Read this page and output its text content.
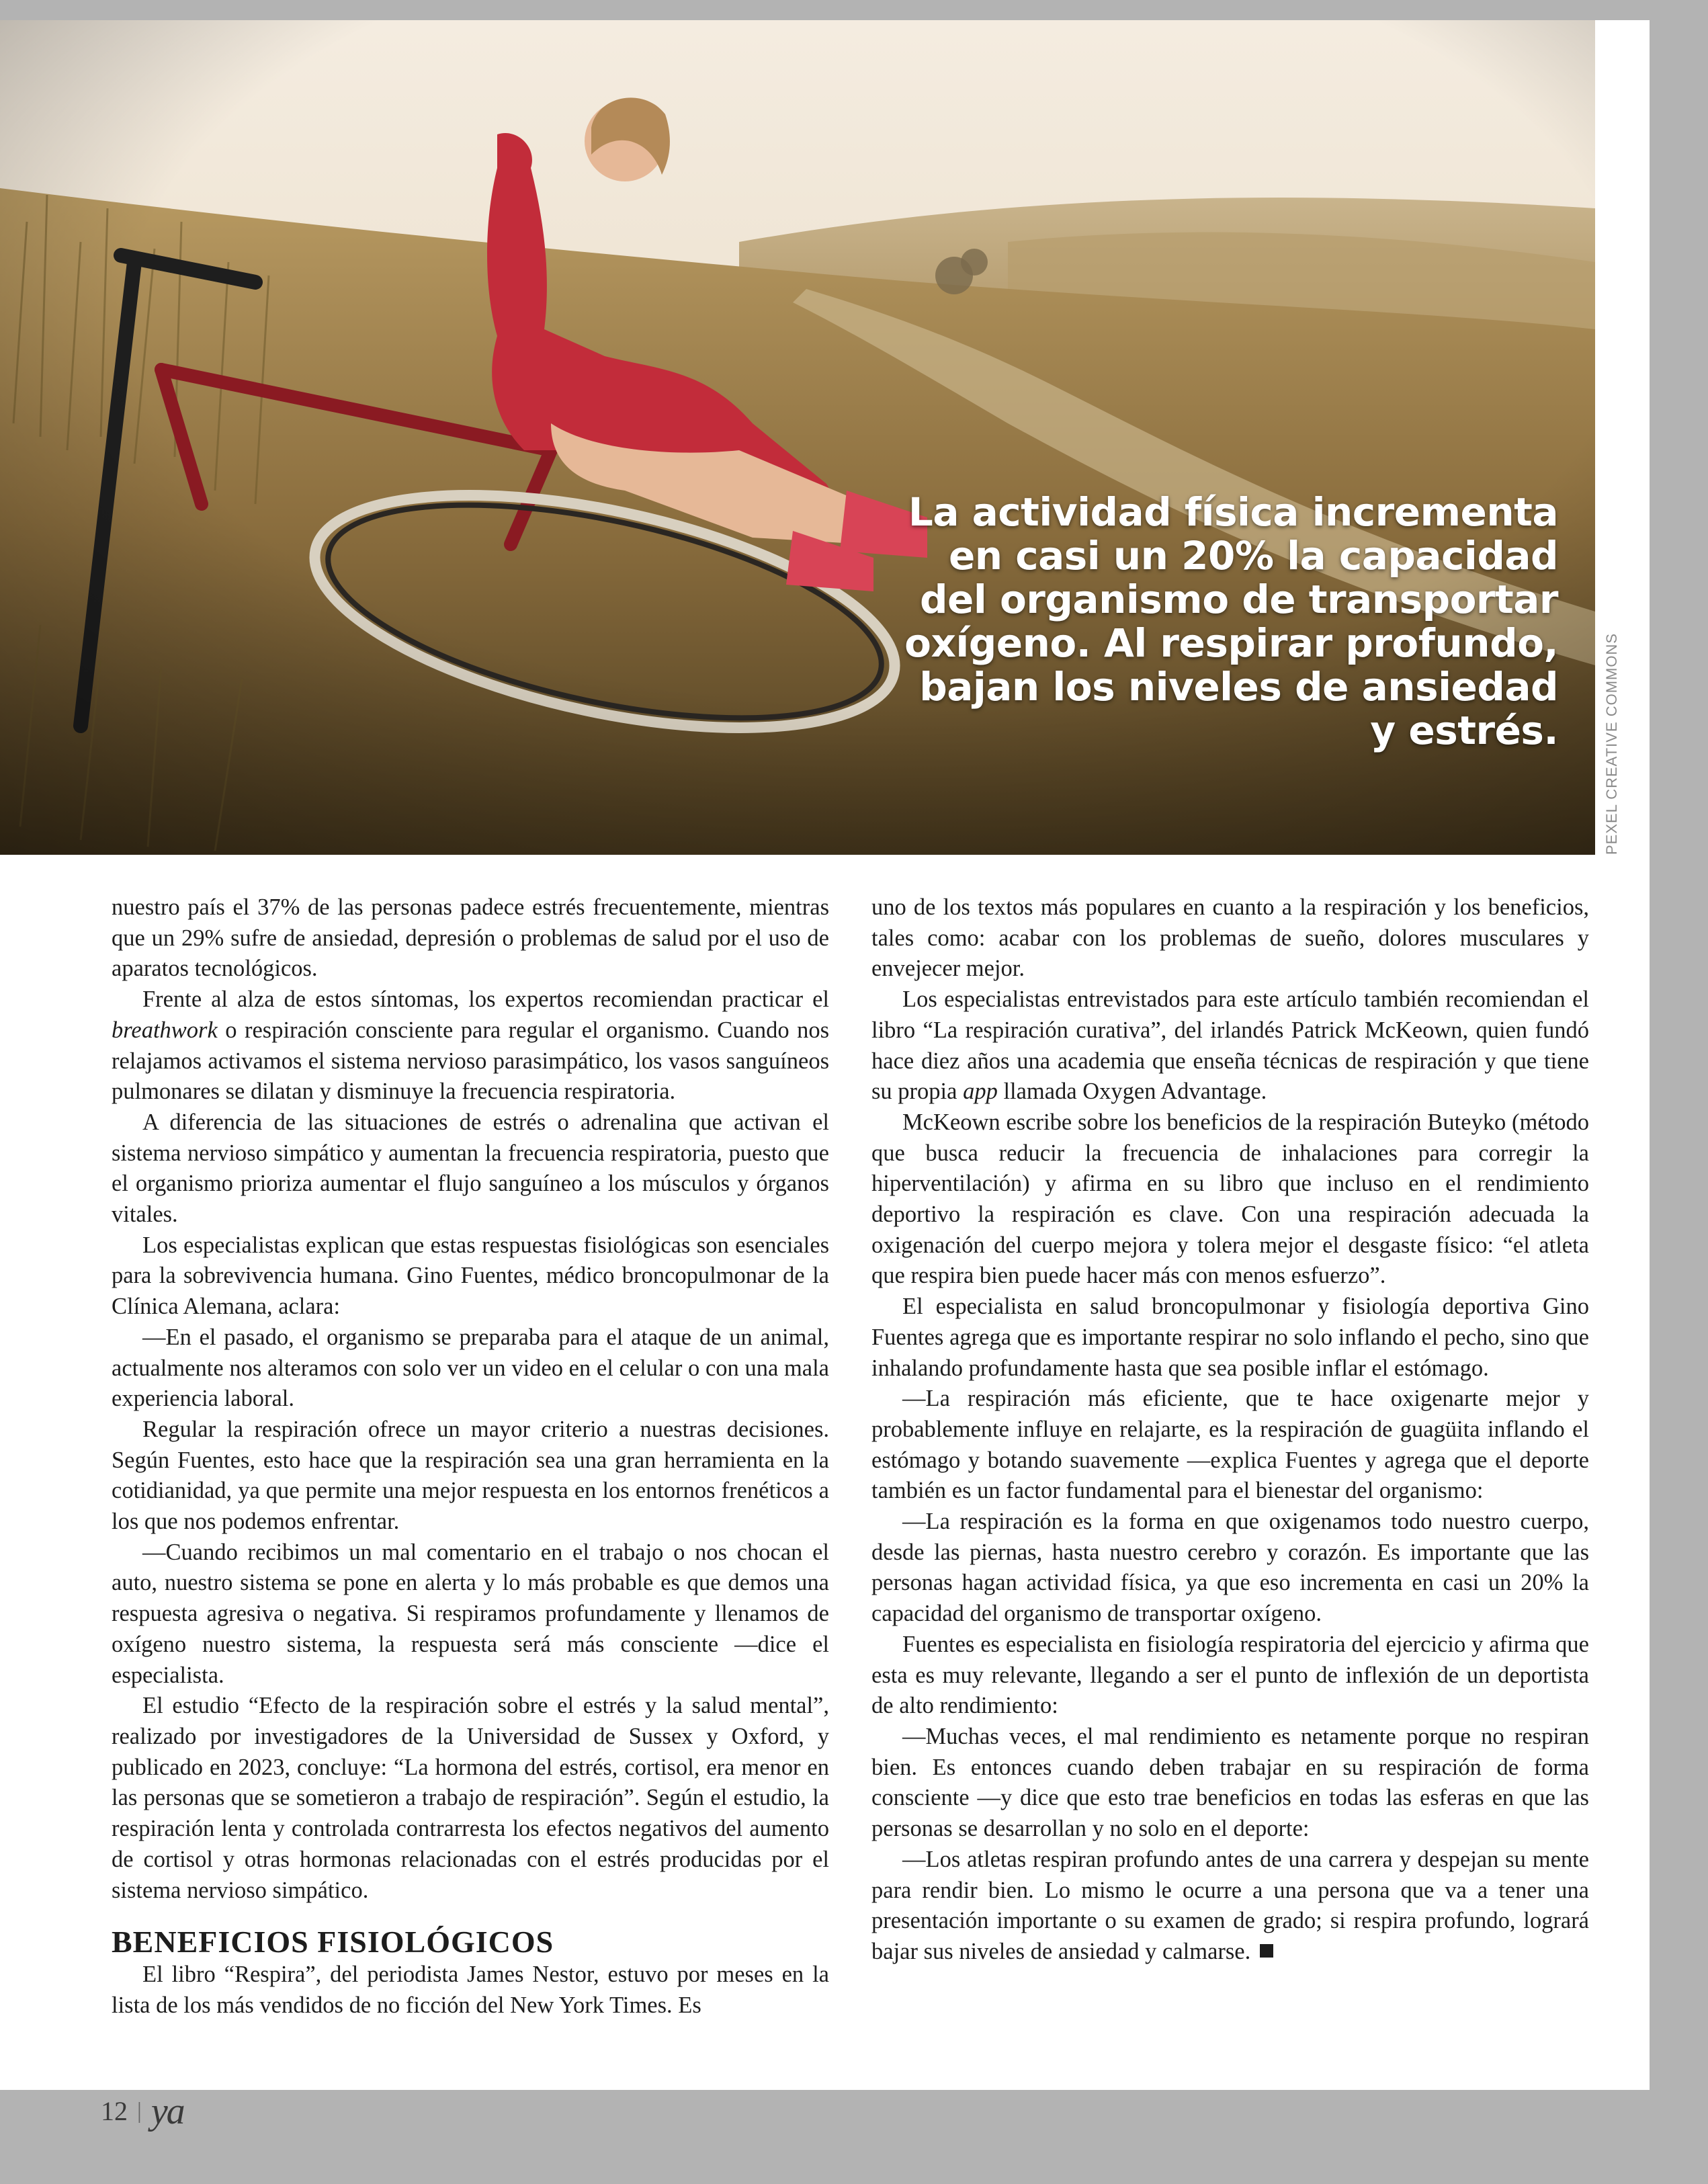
La actividad física incrementa en casi un 20% la capacidad del organismo de transportar oxígeno. Al respirar profundo, bajan los niveles de ansiedad y estrés.	PEXEL CREATIVE COMMONS

nuestro país el 37% de las personas padece estrés frecuentemente, mientras que un 29% sufre de ansiedad, depresión o problemas de salud por el uso de aparatos tecnológicos.

Frente al alza de estos síntomas, los expertos recomiendan practicar el breathwork o respiración consciente para regular el organismo. Cuando nos relajamos activamos el sistema nervioso parasimpático, los vasos sanguíneos pulmonares se dilatan y disminuye la frecuencia respiratoria.

A diferencia de las situaciones de estrés o adrenalina que activan el sistema nervioso simpático y aumentan la frecuencia respiratoria, puesto que el organismo prioriza aumentar el flujo sanguíneo a los músculos y órganos vitales.

Los especialistas explican que estas respuestas fisiológicas son esenciales para la sobrevivencia humana. Gino Fuentes, médico broncopulmonar de la Clínica Alemana, aclara:

—En el pasado, el organismo se preparaba para el ataque de un animal, actualmente nos alteramos con solo ver un video en el celular o con una mala experiencia laboral.

Regular la respiración ofrece un mayor criterio a nuestras decisiones. Según Fuentes, esto hace que la respiración sea una gran herramienta en la cotidianidad, ya que permite una mejor respuesta en los entornos frenéticos a los que nos podemos enfrentar.

—Cuando recibimos un mal comentario en el trabajo o nos chocan el auto, nuestro sistema se pone en alerta y lo más probable es que demos una respuesta agresiva o negativa. Si respiramos profundamente y llenamos de oxígeno nuestro sistema, la respuesta será más consciente —dice el especialista.

El estudio “Efecto de la respiración sobre el estrés y la salud mental”, realizado por investigadores de la Universidad de Sussex y Oxford, y publicado en 2023, concluye: “La hormona del estrés, cortisol, era menor en las personas que se sometieron a trabajo de respiración”. Según el estudio, la respiración lenta y controlada contrarresta los efectos negativos del aumento de cortisol y otras hormonas relacionadas con el estrés producidas por el sistema nervioso simpático.

BENEFICIOS FISIOLÓGICOS

El libro “Respira”, del periodista James Nestor, estuvo por meses en la lista de los más vendidos de no ficción del New York Times. Es

uno de los textos más populares en cuanto a la respiración y los beneficios, tales como: acabar con los problemas de sueño, dolores musculares y envejecer mejor.

Los especialistas entrevistados para este artículo también recomiendan el libro “La respiración curativa”, del irlandés Patrick McKeown, quien fundó hace diez años una academia que enseña técnicas de respiración y que tiene su propia app llamada Oxygen Advantage.

McKeown escribe sobre los beneficios de la respiración Buteyko (método que busca reducir la frecuencia de inhalaciones para corregir la hiperventilación) y afirma en su libro que incluso en el rendimiento deportivo la respiración es clave. Con una respiración adecuada la oxigenación del cuerpo mejora y tolera mejor el desgaste físico: “el atleta que respira bien puede hacer más con menos esfuerzo”.

El especialista en salud broncopulmonar y fisiología deportiva Gino Fuentes agrega que es importante respirar no solo inflando el pecho, sino que inhalando profundamente hasta que sea posible inflar el estómago.

—La respiración más eficiente, que te hace oxigenarte mejor y probablemente influye en relajarte, es la respiración de guagüita inflando el estómago y botando suavemente —explica Fuentes y agrega que el deporte también es un factor fundamental para el bienestar del organismo:

—La respiración es la forma en que oxigenamos todo nuestro cuerpo, desde las piernas, hasta nuestro cerebro y corazón. Es importante que las personas hagan actividad física, ya que eso incrementa en casi un 20% la capacidad del organismo de transportar oxígeno.

Fuentes es especialista en fisiología respiratoria del ejercicio y afirma que esta es muy relevante, llegando a ser el punto de inflexión de un deportista de alto rendimiento:

—Muchas veces, el mal rendimiento es netamente porque no respiran bien. Es entonces cuando deben trabajar en su respiración de forma consciente —y dice que esto trae beneficios en todas las esferas en que las personas se desarrollan y no solo en el deporte:

—Los atletas respiran profundo antes de una carrera y despejan su mente para rendir bien. Lo mismo le ocurre a una persona que va a tener una presentación importante o su examen de grado; si respira profundo, logrará bajar sus niveles de ansiedad y calmarse.

12 | ya
